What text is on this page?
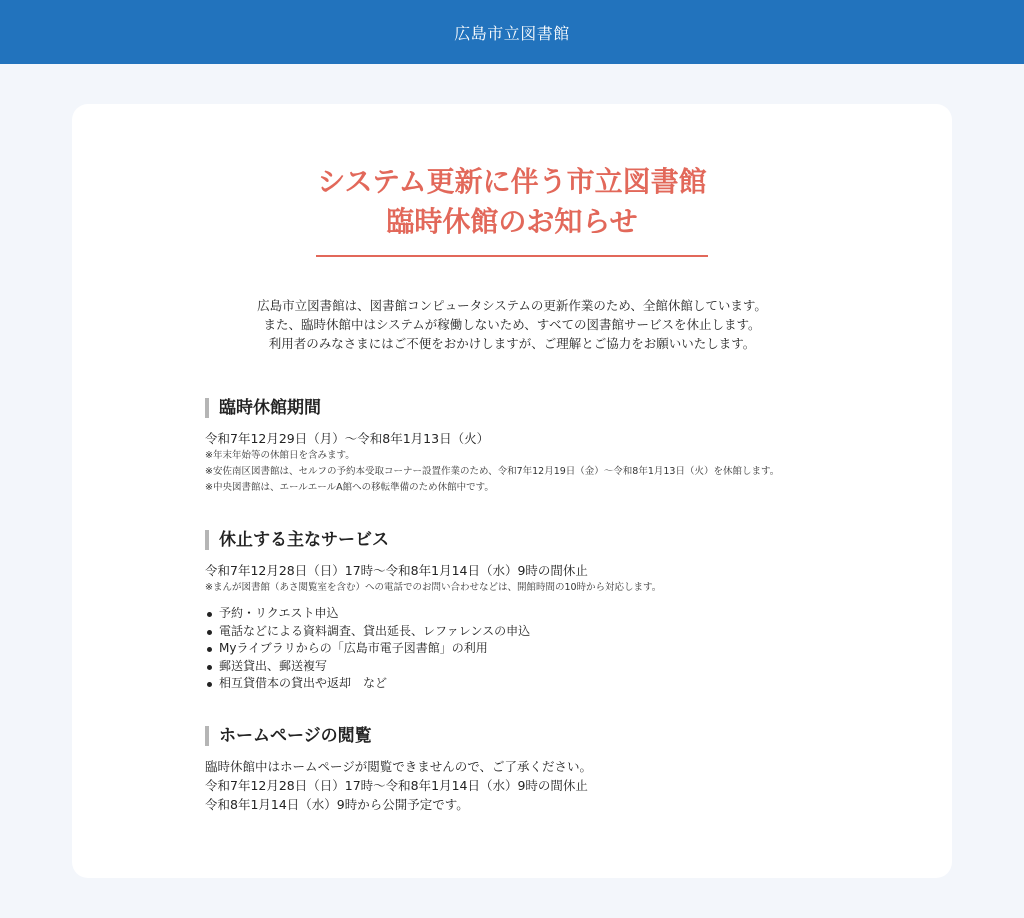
広島市立図書館
システム更新に伴う市立図書館
臨時休館のお知らせ
広島市立図書館は、図書館コンピュータシステムの更新作業のため、全館休館しています。
また、臨時休館中はシステムが稼働しないため、すべての図書館サービスを休止します。
利用者のみなさまにはご不便をおかけしますが、ご理解とご協力をお願いいたします。
臨時休館期間
令和7年12月29日（月）～令和8年1月13日（火）
※年末年始等の休館日を含みます。
※安佐南区図書館は、セルフの予約本受取コーナー設置作業のため、令和7年12月19日（金）～令和8年1月13日（火）を休館します。
※中央図書館は、エールエールA館への移転準備のため休館中です。
休止する主なサービス
令和7年12月28日（日）17時～令和8年1月14日（水）9時の間休止
※まんが図書館（あさ閲覧室を含む）への電話でのお問い合わせなどは、開館時間の10時から対応します。
予約・リクエスト申込
電話などによる資料調査、貸出延長、レファレンスの申込
Myライブラリからの「広島市電子図書館」の利用
郵送貸出、郵送複写
相互貸借本の貸出や返却　など
ホームページの閲覧
臨時休館中はホームページが閲覧できませんので、ご了承ください。
令和7年12月28日（日）17時～令和8年1月14日（水）9時の間休止
令和8年1月14日（水）9時から公開予定です。
